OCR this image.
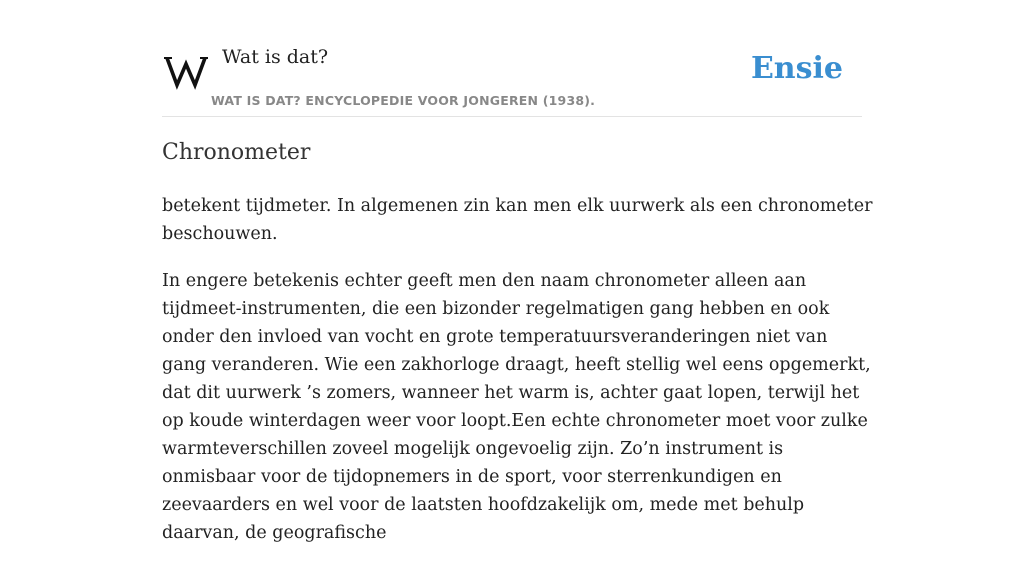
Wat is dat?
WAT IS DAT? ENCYCLOPEDIE VOOR JONGEREN (1938).
Ensie
Chronometer

betekent tijdmeter. In algemenen zin kan men elk uurwerk als een chronometer beschouwen.

In engere betekenis echter geeft men den naam chronometer alleen aan tijdmeet-instrumenten, die een bizonder regelmatigen gang hebben en ook onder den invloed van vocht en grote temperatuursveranderingen niet van gang veranderen. Wie een zakhorloge draagt, heeft stellig wel eens opgemerkt, dat dit uurwerk ’s zomers, wanneer het warm is, achter gaat lopen, terwijl het op koude winterdagen weer voor loopt.Een echte chronometer moet voor zulke warmteverschillen zoveel mogelijk ongevoelig zijn. Zo’n instrument is onmisbaar voor de tijdopnemers in de sport, voor sterrenkundigen en zeevaarders en wel voor de laatsten hoofdzakelijk om, mede met behulp daarvan, de geografische
